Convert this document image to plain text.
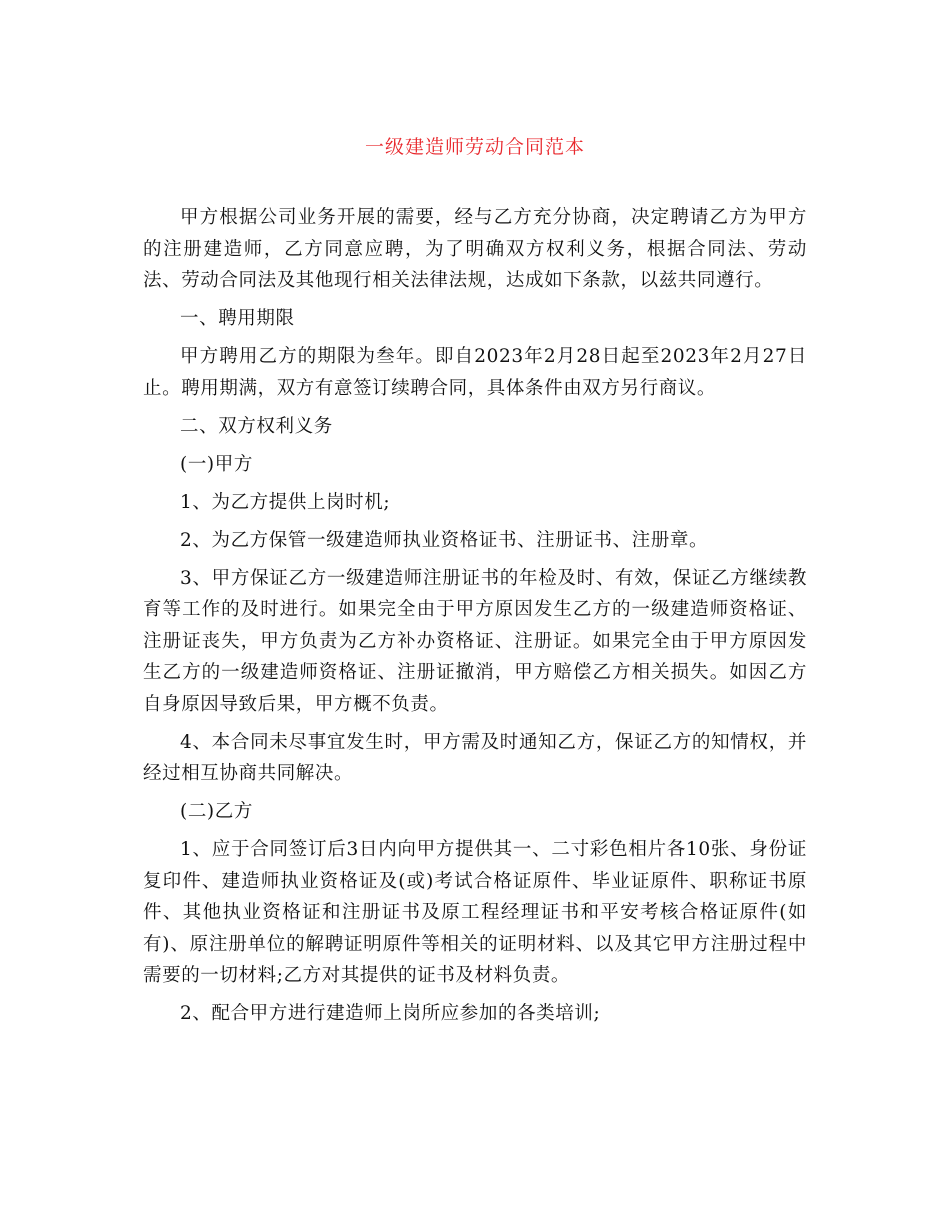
一级建造师劳动合同范本

甲方根据公司业务开展的需要，经与乙方充分协商，决定聘请乙方为甲方的注册建造师，乙方同意应聘，为了明确双方权利义务，根据合同法、劳动法、劳动合同法及其他现行相关法律法规，达成如下条款，以兹共同遵行。

一、聘用期限

甲方聘用乙方的期限为叁年。即自2023年2月28日起至2023年2月27日止。聘用期满，双方有意签订续聘合同，具体条件由双方另行商议。

二、双方权利义务

(一)甲方

1、为乙方提供上岗时机;

2、为乙方保管一级建造师执业资格证书、注册证书、注册章。

3、甲方保证乙方一级建造师注册证书的年检及时、有效，保证乙方继续教育等工作的及时进行。如果完全由于甲方原因发生乙方的一级建造师资格证、注册证丧失，甲方负责为乙方补办资格证、注册证。如果完全由于甲方原因发生乙方的一级建造师资格证、注册证撤消，甲方赔偿乙方相关损失。如因乙方自身原因导致后果，甲方概不负责。

4、本合同未尽事宜发生时，甲方需及时通知乙方，保证乙方的知情权，并经过相互协商共同解决。

(二)乙方

1、应于合同签订后3日内向甲方提供其一、二寸彩色相片各10张、身份证复印件、建造师执业资格证及(或)考试合格证原件、毕业证原件、职称证书原件、其他执业资格证和注册证书及原工程经理证书和平安考核合格证原件(如有)、原注册单位的解聘证明原件等相关的证明材料、以及其它甲方注册过程中需要的一切材料;乙方对其提供的证书及材料负责。

2、配合甲方进行建造师上岗所应参加的各类培训;
